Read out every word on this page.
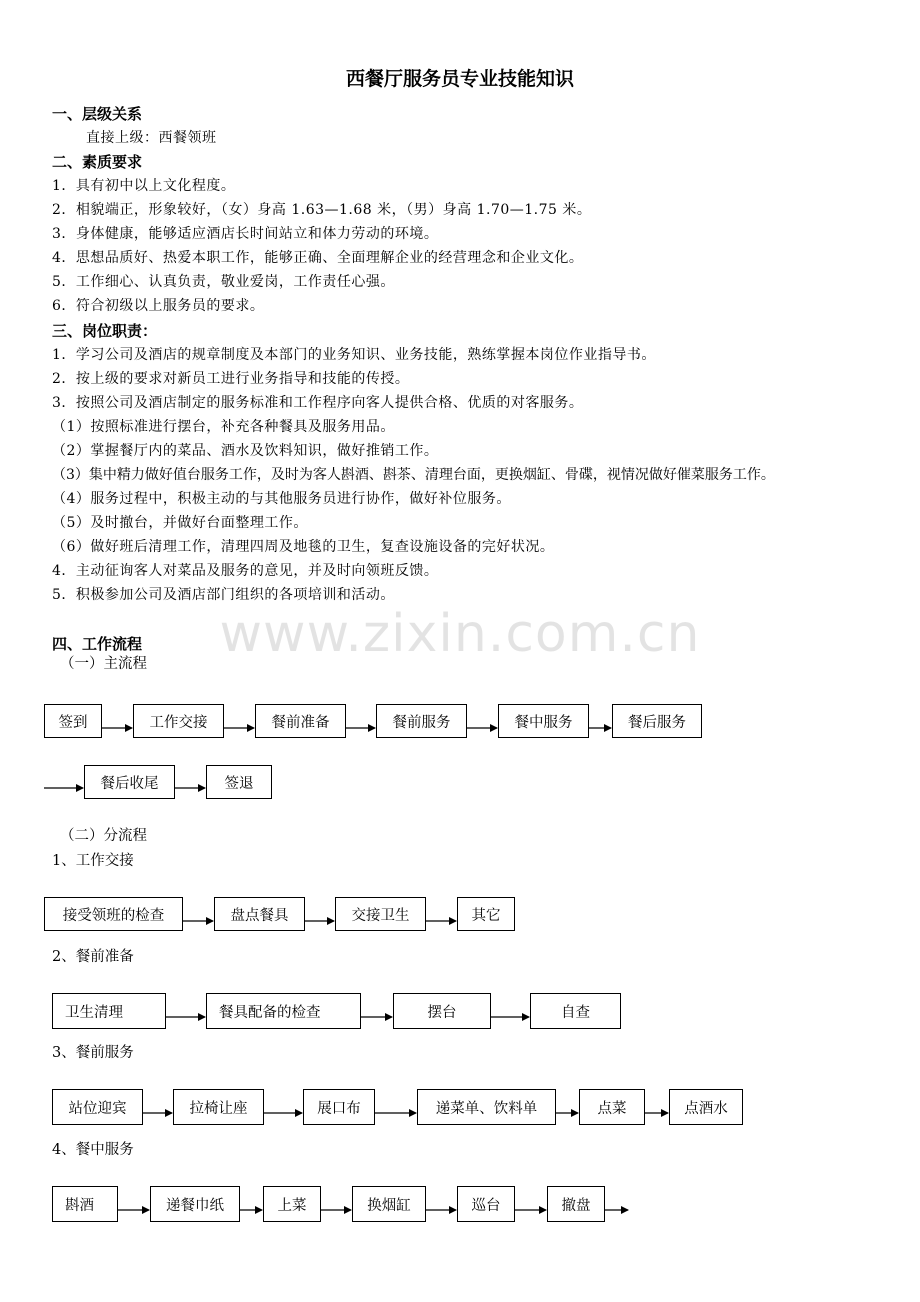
西餐厅服务员专业技能知识
一、层级关系
直接上级：西餐领班
二、素质要求
1．具有初中以上文化程度。
2．相貌端正，形象较好，（女）身高 1.63—1.68 米，（男）身高 1.70—1.75 米。
3．身体健康，能够适应酒店长时间站立和体力劳动的环境。
4．思想品质好、热爱本职工作，能够正确、全面理解企业的经营理念和企业文化。
5．工作细心、认真负责，敬业爱岗，工作责任心强。
6．符合初级以上服务员的要求。
三、岗位职责：
1．学习公司及酒店的规章制度及本部门的业务知识、业务技能，熟练掌握本岗位作业指导书。
2．按上级的要求对新员工进行业务指导和技能的传授。
3．按照公司及酒店制定的服务标准和工作程序向客人提供合格、优质的对客服务。
（1）按照标准进行摆台，补充各种餐具及服务用品。
（2）掌握餐厅内的菜品、酒水及饮料知识，做好推销工作。
（3）集中精力做好值台服务工作，及时为客人斟酒、斟茶、清理台面，更换烟缸、骨碟，视情况做好催菜服务工作。
（4）服务过程中，积极主动的与其他服务员进行协作，做好补位服务。
（5）及时撤台，并做好台面整理工作。
（6）做好班后清理工作，清理四周及地毯的卫生，复查设施设备的完好状况。
4．主动征询客人对菜品及服务的意见，并及时向领班反馈。
5．积极参加公司及酒店部门组织的各项培训和活动。
www.zixin.com.cn
四、工作流程
（一）主流程
签到	工作交接	餐前准备	餐前服务	餐中服务	餐后服务
餐后收尾	签退
（二）分流程
1、工作交接
接受领班的检查	盘点餐具	交接卫生	其它
2、餐前准备
卫生清理	餐具配备的检查	摆台	自查
3、餐前服务
站位迎宾	拉椅让座	展口布	递菜单、饮料单	点菜	点酒水
4、餐中服务
斟酒	递餐巾纸	上菜	换烟缸	巡台	撤盘
